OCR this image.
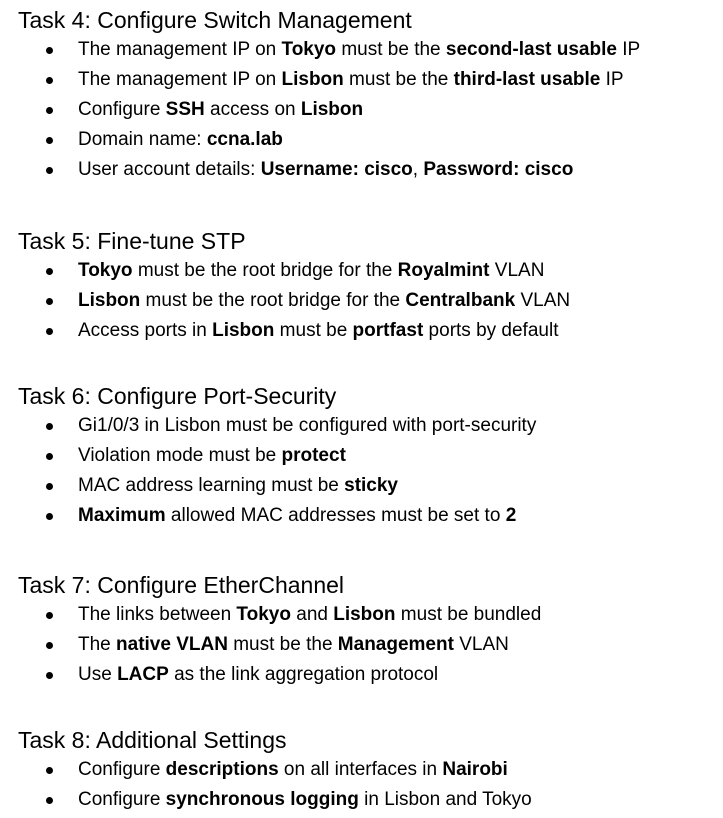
Task 4: Configure Switch Management
The management IP on Tokyo must be the second-last usable IP
The management IP on Lisbon must be the third-last usable IP
Configure SSH access on Lisbon
Domain name: ccna.lab
User account details: Username: cisco, Password: cisco
Task 5: Fine-tune STP
Tokyo must be the root bridge for the Royalmint VLAN
Lisbon must be the root bridge for the Centralbank VLAN
Access ports in Lisbon must be portfast ports by default
Task 6: Configure Port-Security
Gi1/0/3 in Lisbon must be configured with port-security
Violation mode must be protect
MAC address learning must be sticky
Maximum allowed MAC addresses must be set to 2
Task 7: Configure EtherChannel
The links between Tokyo and Lisbon must be bundled
The native VLAN must be the Management VLAN
Use LACP as the link aggregation protocol
Task 8: Additional Settings
Configure descriptions on all interfaces in Nairobi
Configure synchronous logging in Lisbon and Tokyo
